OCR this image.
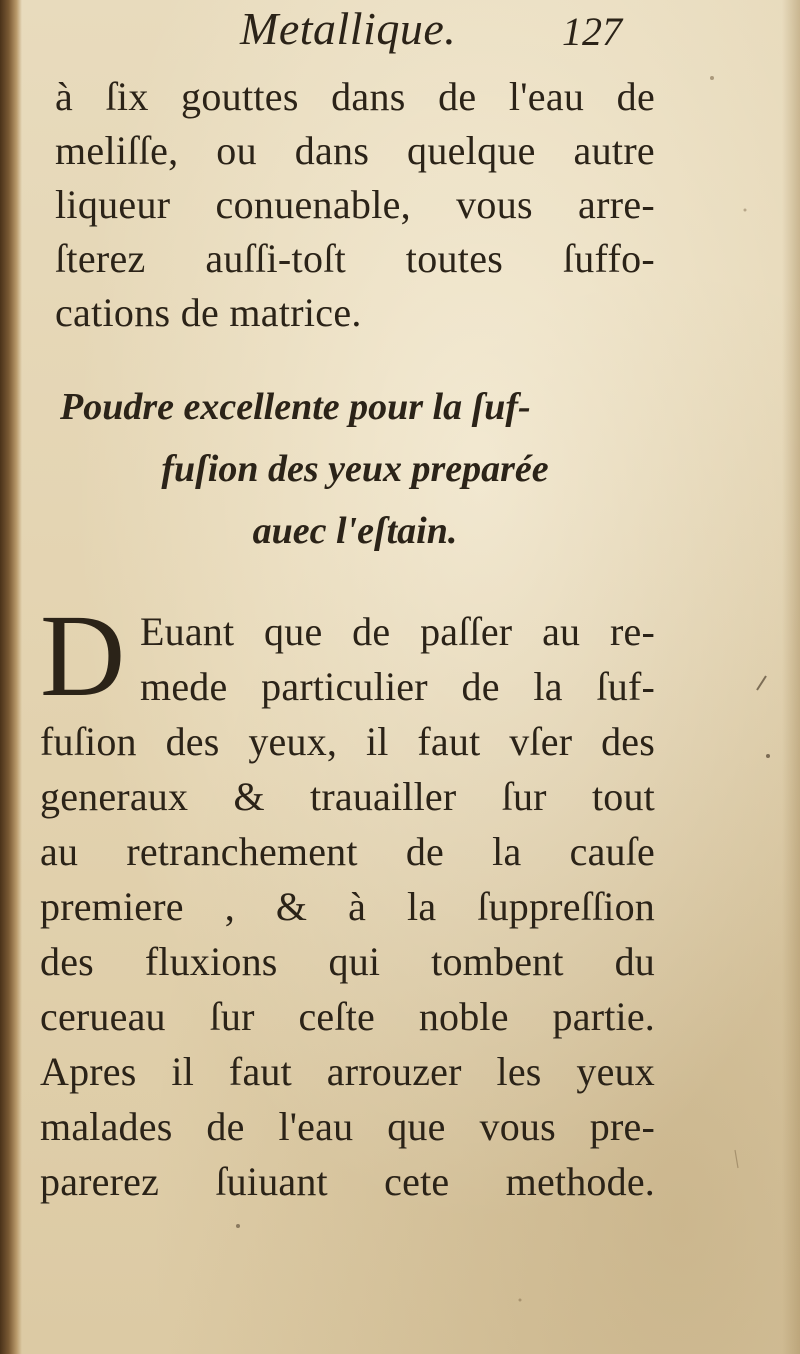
Metallique.	127
à ſix gouttes dans de l'eau de
meliſſe, ou dans quelque autre
liqueur conuenable, vous arre-
ſterez auſſi-toſt toutes ſuffo-
cations de matrice.
Poudre excellente pour la ſuf-
fuſion des yeux preparée
auec l'eſtain.
D Euant que de paſſer au re-
mede particulier de la ſuf-
fuſion des yeux, il faut vſer des
generaux & trauailler ſur tout
au retranchement de la cauſe
premiere , & à la ſuppreſſion
des fluxions qui tombent du
cerueau ſur ceſte noble partie.
Apres il faut arrouzer les yeux
malades de l'eau que vous pre-
parerez ſuiuant cete methode.
